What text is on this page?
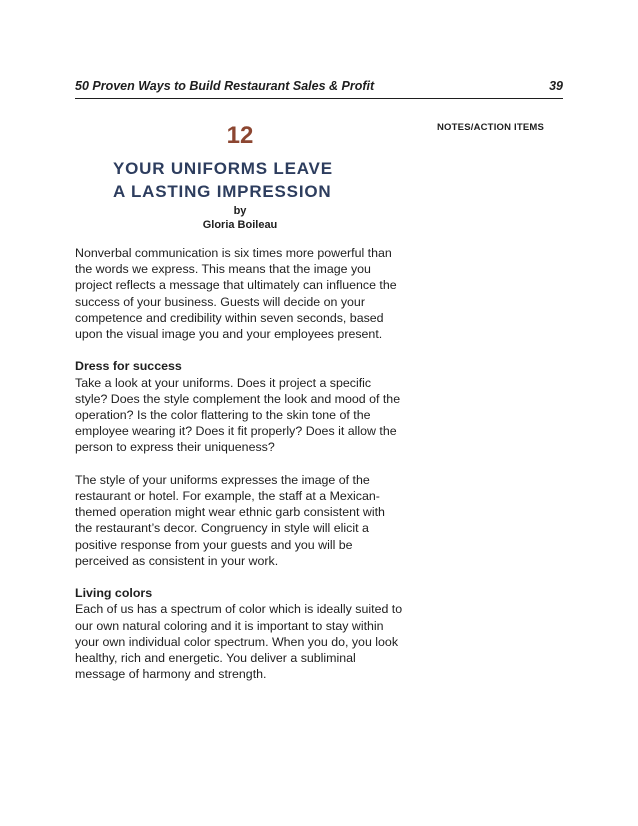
50 Proven Ways to Build Restaurant Sales & Profit	39
NOTES/ACTION ITEMS
12
YOUR UNIFORMS LEAVE
A LASTING IMPRESSION
by
Gloria Boileau

Nonverbal communication is six times more powerful than the words we express. This means that the image you project reflects a message that ultimately can influence the success of your business. Guests will decide on your competence and credibility within seven seconds, based upon the visual image you and your employees present.

Dress for success

Take a look at your uniforms. Does it project a specific style? Does the style complement the look and mood of the operation? Is the color flattering to the skin tone of the employee wearing it? Does it fit properly? Does it allow the person to express their uniqueness?

The style of your uniforms expresses the image of the restaurant or hotel. For example, the staff at a Mexican-themed operation might wear ethnic garb consistent with the restaurant’s decor. Congruency in style will elicit a positive response from your guests and you will be perceived as consistent in your work.

Living colors

Each of us has a spectrum of color which is ideally suited to our own natural coloring and it is important to stay within your own individual color spectrum. When you do, you look healthy, rich and energetic. You deliver a subliminal message of harmony and strength.
